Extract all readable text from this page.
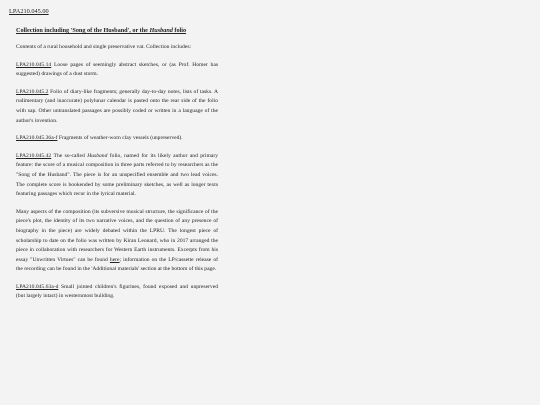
LPA210.045.00

Collection including 'Song of the Husband', or the Husband folio

Contents of a rural household and single preservative vat. Collection includes:

LPA210.045.14 Loose pages of seemingly abstract sketches, or (as Prof. Homer has suggested) drawings of a dust storm.

LPA210.045.2 Folio of diary-like fragments; generally day-to-day notes, lists of tasks. A rudimentary (and inaccurate) polylunar calendar is pasted onto the rear side of the folio with sap. Other untranslated passages are possibly coded or written in a language of the author's invention.

LPA210.045.36a-f Fragments of weather-worn clay vessels (unpreserved).

LPA210.045.42 The so-called Husband folio, named for its likely author and primary feature: the score of a musical composition in three parts referred to by researchers as the "Song of the Husband". The piece is for an unspecified ensemble and two lead voices. The complete score is bookended by some preliminary sketches, as well as longer texts featuring passages which recur in the lyrical material.

Many aspects of the composition (its subversive musical structure, the significance of the piece's plot, the identity of its two narrative voices, and the question of any presence of biography in the piece) are widely debated within the LPRU. The longest piece of scholarship to date on the folio was written by Kiran Leonard, who in 2017 arranged the piece in collaboration with researchers for Western Earth instruments. Excerpts from his essay "Unwritten Virtues" can be found here; information on the LP/cassette release of the recording can be found in the 'Additional materials' section at the bottom of this page.

LPA210.045.63a-d Small jointed children's figurines, found exposed and unpreserved (but largely intact) in westernmost building.
